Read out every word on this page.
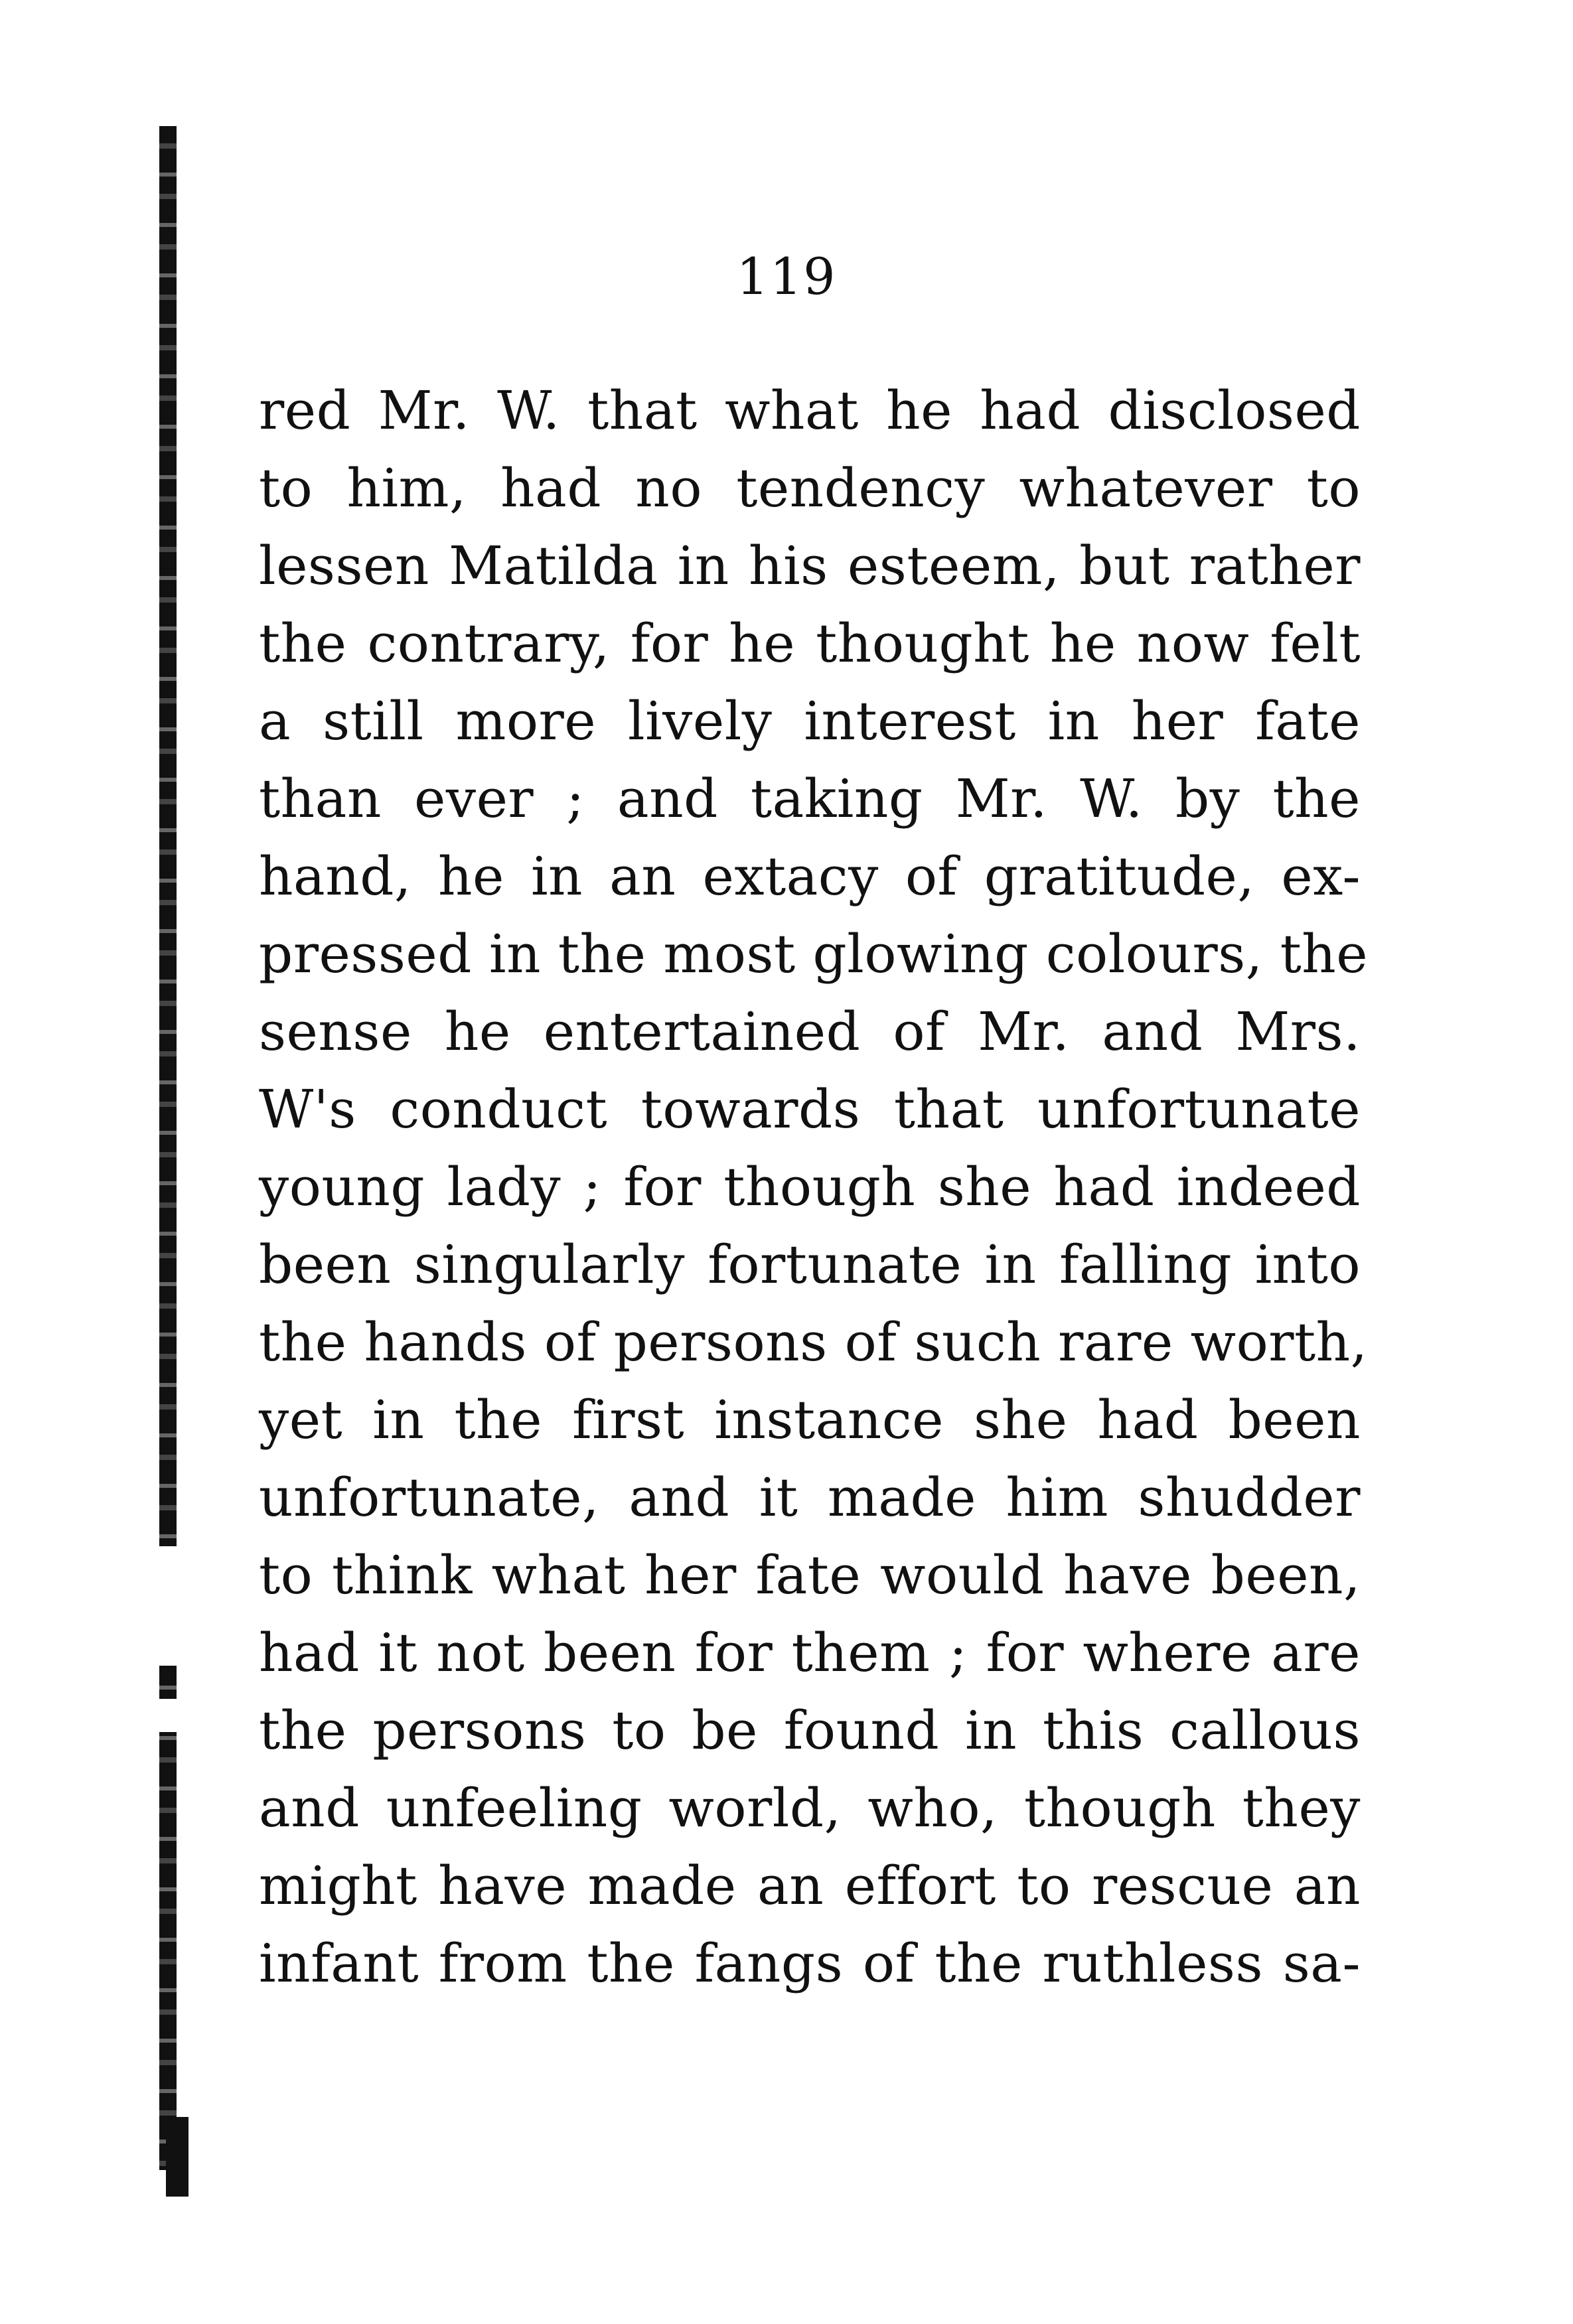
119
red Mr. W. that what he had disclosed
to him, had no tendency whatever to
lessen Matilda in his esteem, but rather
the contrary, for he thought he now felt
a still more lively interest in her fate
than ever ; and taking Mr. W. by the
hand, he in an extacy of gratitude, ex-
pressed in the most glowing colours, the
sense he entertained of Mr. and Mrs.
W's conduct towards that unfortunate
young lady ; for though she had indeed
been singularly fortunate in falling into
the hands of persons of such rare worth,
yet in the first instance she had been
unfortunate, and it made him shudder
to think what her fate would have been,
had it not been for them ; for where are
the persons to be found in this callous
and unfeeling world, who, though they
might have made an effort to rescue an
infant from the fangs of the ruthless sa-
